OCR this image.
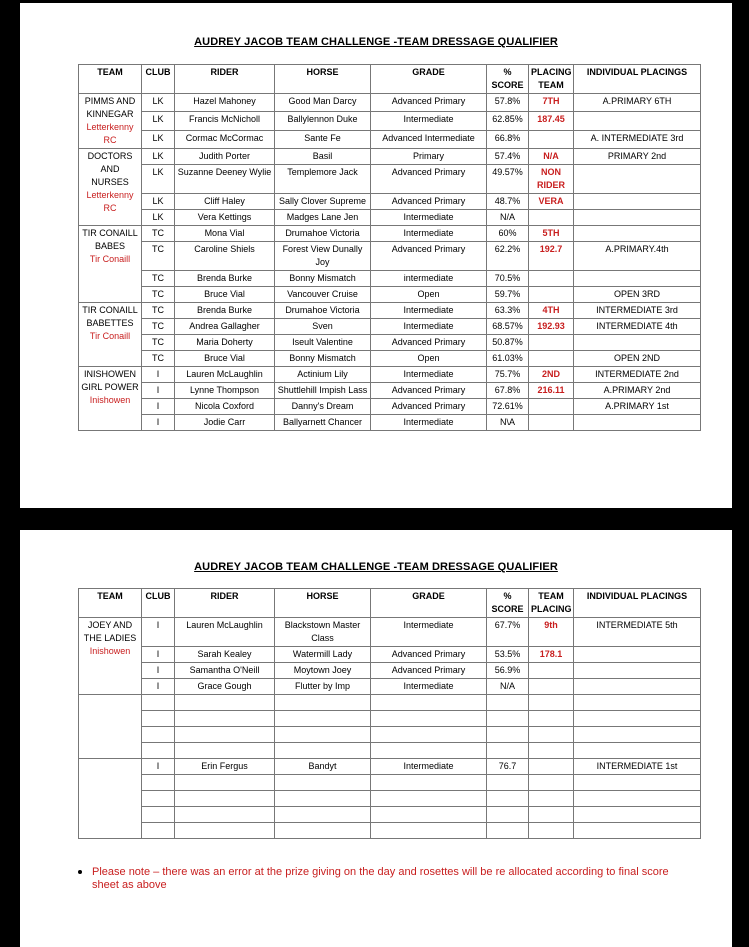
AUDREY JACOB TEAM CHALLENGE -TEAM DRESSAGE QUALIFIER
TEAM	CLUB	RIDER	HORSE	GRADE	% SCORE	PLACING TEAM	INDIVIDUAL PLACINGS

PIMMS AND KINNEGAR
Letterkenny RC	LK	Hazel Mahoney	Good Man Darcy	Advanced Primary	57.8%	7TH	A.PRIMARY 6TH
	LK	Francis McNicholl	Ballylennon Duke	Intermediate	62.85%	187.45	
	LK	Cormac McCormac	Sante Fe	Advanced Intermediate	66.8%		A. INTERMEDIATE 3rd

DOCTORS AND NURSES
Letterkenny RC	LK	Judith Porter	Basil	Primary	57.4%	N/A	PRIMARY 2nd
	LK	Suzanne Deeney Wylie	Templemore Jack	Advanced Primary	49.57%	NON RIDER	
	LK	Cliff Haley	Sally Clover Supreme	Advanced Primary	48.7%	VERA	
	LK	Vera Kettings	Madges Lane Jen	Intermediate	N/A		

TIR CONAILL BABES
Tir Conaill	TC	Mona Vial	Drumahoe Victoria	Intermediate	60%	5TH	
	TC	Caroline Shiels	Forest View Dunally Joy	Advanced Primary	62.2%	192.7	A.PRIMARY.4th
	TC	Brenda Burke	Bonny Mismatch	intermediate	70.5%		
	TC	Bruce Vial	Vancouver Cruise	Open	59.7%		OPEN 3RD

TIR CONAILL BABETTES
Tir Conaill	TC	Brenda Burke	Drumahoe Victoria	Intermediate	63.3%	4TH	INTERMEDIATE 3rd
	TC	Andrea Gallagher	Sven	Intermediate	68.57%	192.93	INTERMEDIATE 4th
	TC	Maria Doherty	Iseult Valentine	Advanced Primary	50.87%		
	TC	Bruce Vial	Bonny Mismatch	Open	61.03%		OPEN 2ND

INISHOWEN GIRL POWER
Inishowen	I	Lauren McLaughlin	Actinium Lily	Intermediate	75.7%	2ND	INTERMEDIATE 2nd
	I	Lynne Thompson	Shuttlehill Impish Lass	Advanced Primary	67.8%	216.11	A.PRIMARY 2nd
	I	Nicola Coxford	Danny's Dream	Advanced Primary	72.61%		A.PRIMARY 1st
	I	Jodie Carr	Ballyarnett Chancer	Intermediate	N\A		
AUDREY JACOB TEAM CHALLENGE -TEAM DRESSAGE QUALIFIER
TEAM	CLUB	RIDER	HORSE	GRADE	% SCORE	TEAM PLACING	INDIVIDUAL PLACINGS

JOEY AND THE LADIES
Inishowen	I	Lauren McLaughlin	Blackstown Master Class	Intermediate	67.7%	9th	INTERMEDIATE 5th
	I	Sarah Kealey	Watermill Lady	Advanced Primary	53.5%	178.1	
	I	Samantha O'Neill	Moytown Joey	Advanced Primary	56.9%		
	I	Grace Gough	Flutter by Imp	Intermediate	N/A		

	I	Erin Fergus	Bandyt	Intermediate	76.7		INTERMEDIATE 1st

Please note – there was an error at the prize giving on the day and rosettes will be re allocated according to final score sheet as above
